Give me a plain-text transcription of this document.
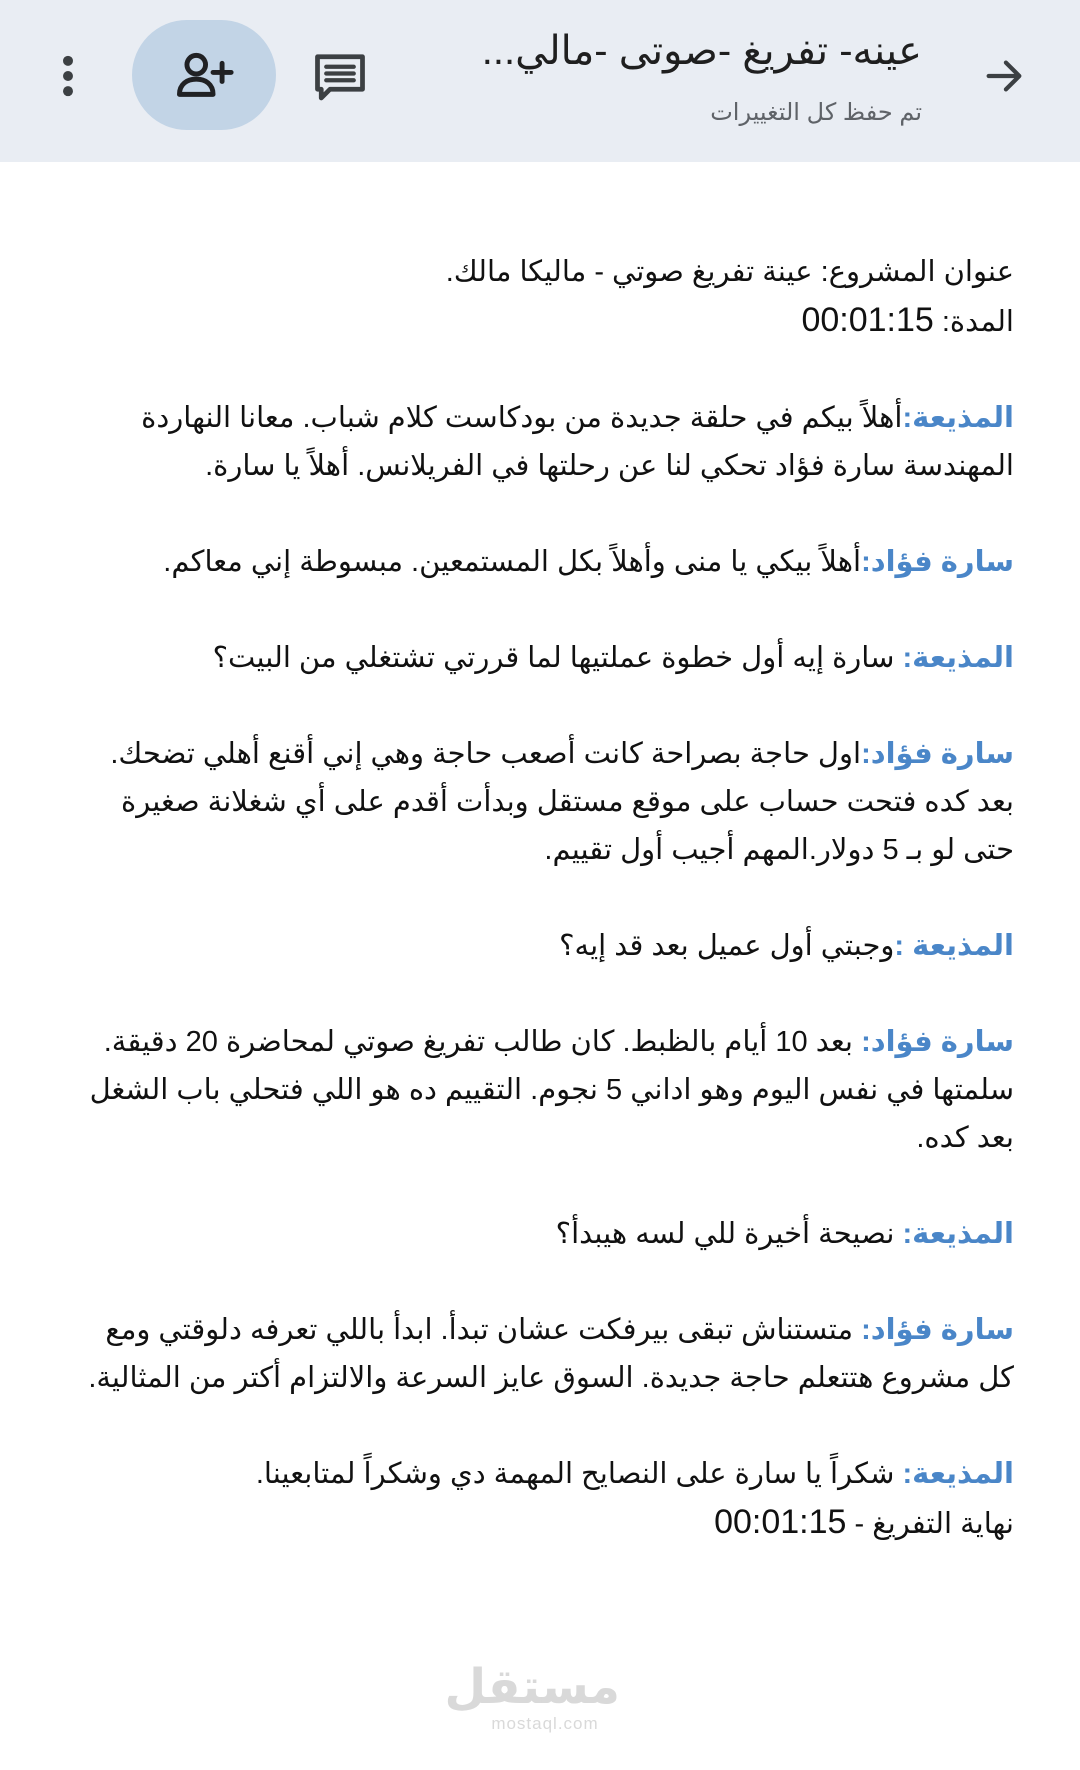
عينه- تفريغ -صوتى -مالي...
تم حفظ كل التغييرات

عنوان المشروع: عينة تفريغ صوتي - ماليكا مالك.

المدة: 00:01:15

المذيعة:أهلاً بيكم في حلقة جديدة من بودكاست كلام شباب. معانا النهاردة المهندسة سارة فؤاد تحكي لنا عن رحلتها في الفريلانس. أهلاً يا سارة.

سارة فؤاد:أهلاً بيكي يا منى وأهلاً بكل المستمعين. مبسوطة إني معاكم.

المذيعة: سارة إيه أول خطوة عملتيها لما قررتي تشتغلي من البيت؟

سارة فؤاد:اول حاجة بصراحة كانت أصعب حاجة وهي إني أقنع أهلي تضحك. بعد كده فتحت حساب على موقع مستقل وبدأت أقدم على أي شغلانة صغيرة حتى لو بـ 5 دولار.المهم أجيب أول تقييم.

المذيعة :وجبتي أول عميل بعد قد إيه؟

سارة فؤاد: بعد 10 أيام بالظبط. كان طالب تفريغ صوتي لمحاضرة 20 دقيقة. سلمتها في نفس اليوم وهو اداني 5 نجوم. التقييم ده هو اللي فتحلي باب الشغل بعد كده.

المذيعة: نصيحة أخيرة للي لسه هيبدأ؟

سارة فؤاد: متستناش تبقى بيرفكت عشان تبدأ. ابدأ باللي تعرفه دلوقتي ومع كل مشروع هتتعلم حاجة جديدة. السوق عايز السرعة والالتزام أكتر من المثالية.

المذيعة: شكراً يا سارة على النصايح المهمة دي وشكراً لمتابعينا.

نهاية التفريغ - 00:01:15

مستقل
mostaql.com
